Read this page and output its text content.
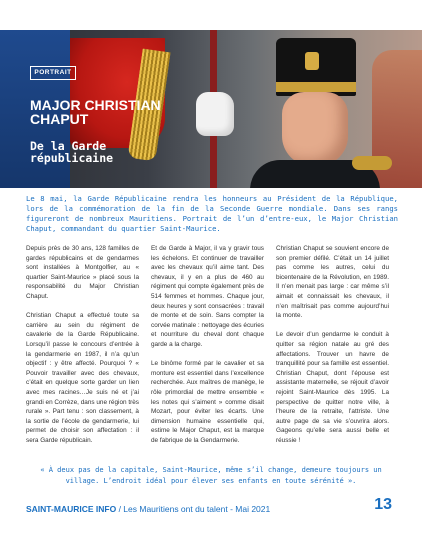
PORTRAIT
MAJOR CHRISTIAN CHAPUT
De la Garde républicaine

Le 8 mai, la Garde Républicaine rendra les honneurs au Président de la République, lors de la commémoration de la fin de la Seconde Guerre mondiale. Dans ses rangs figureront de nombreux Mauritiens. Portrait de l’un d’entre-eux, le Major Christian Chaput, commandant du quartier Saint-Maurice.

Depuis près de 30 ans, 128 familles de gardes républicains et de gendarmes sont installées à Montgolfier, au « quartier Saint-Maurice » placé sous la responsabilité du Major Christian Chaput.

Christian Chaput a effectué toute sa carrière au sein du régiment de cavalerie de la Garde Républicaine. Lorsqu’il passe le concours d’entrée à la gendarmerie en 1987, il n’a qu’un objectif : y être affecté. Pourquoi ? « Pouvoir travailler avec des chevaux, c’était en quelque sorte garder un lien avec mes racines…Je suis né et j’ai grandi en Corrèze, dans une région très rurale ». Part tenu : son classement, à la sortie de l’école de gendarmerie, lui permet de choisir son affectation : il sera Garde républicain.

Et de Garde à Major, il va y gravir tous les échelons. Et continuer de travailler avec les chevaux qu’il aime tant. Des chevaux, il y en a plus de 460 au régiment qui compte également près de 514 femmes et hommes. Chaque jour, deux heures y sont consacrées : travail de monte et de soin. Sans compter la corvée matinale : nettoyage des écuries et nourriture du cheval dont chaque garde a la charge.

Le binôme formé par le cavalier et sa monture est essentiel dans l’excellence recherchée. Aux maîtres de manège, le rôle primordial de mettre ensemble « les notes qui s’aiment » comme disait Mozart, pour éviter les écarts. Une dimension humaine essentielle qui, estime le Major Chaput, est la marque de fabrique de la Gendarmerie.

Christian Chaput se souvient encore de son premier défilé. C’était un 14 juillet pas comme les autres, celui du bicentenaire de la Révolution, en 1989. Il n’en menait pas large : car même s’il aimait et connaissait les chevaux, il n’en maîtrisait pas comme aujourd’hui la monte.

Le devoir d’un gendarme le conduit à quitter sa région natale au gré des affectations. Trouver un havre de tranquillité pour sa famille est essentiel. Christian Chaput, dont l’épouse est assistante maternelle, se réjouit d’avoir rejoint Saint-Maurice dès 1995. La perspective de quitter notre ville, à l’heure de la retraite, l’attriste. Une autre page de sa vie s’ouvrira alors. Gageons qu’elle sera aussi belle et réussie !

« À deux pas de la capitale, Saint-Maurice, même s’il change, demeure toujours un village. L’endroit idéal pour élever ses enfants en toute sérénité ».

SAINT-MAURICE INFO / Les Mauritiens ont du talent - Mai 2021	13
